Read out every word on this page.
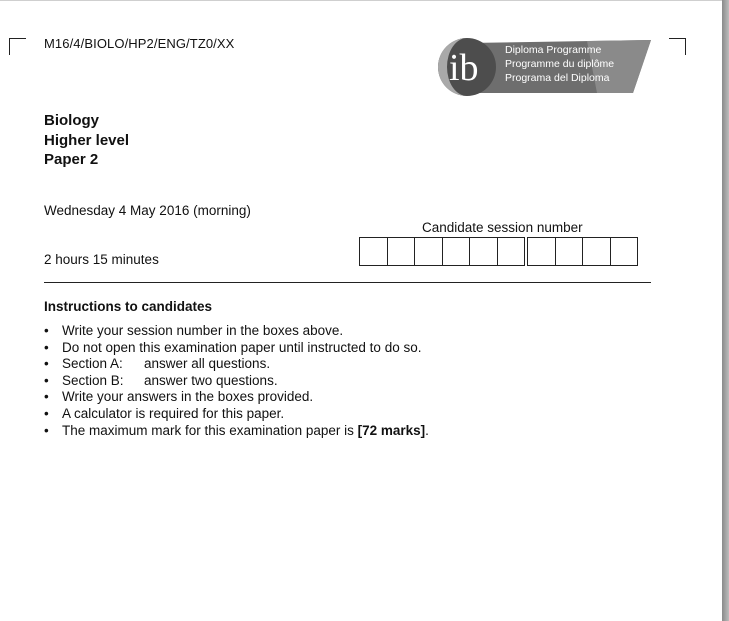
M16/4/BIOLO/HP2/ENG/TZ0/XX
ib	Diploma Programme
Programme du diplôme
Programa del Diploma
Biology
Higher level
Paper 2
Wednesday 4 May 2016 (morning)
Candidate session number
2 hours 15 minutes
Instructions to candidates
• Write your session number in the boxes above.
• Do not open this examination paper until instructed to do so.
• Section A: answer all questions.
• Section B: answer two questions.
• Write your answers in the boxes provided.
• A calculator is required for this paper.
• The maximum mark for this examination paper is [72 marks].
